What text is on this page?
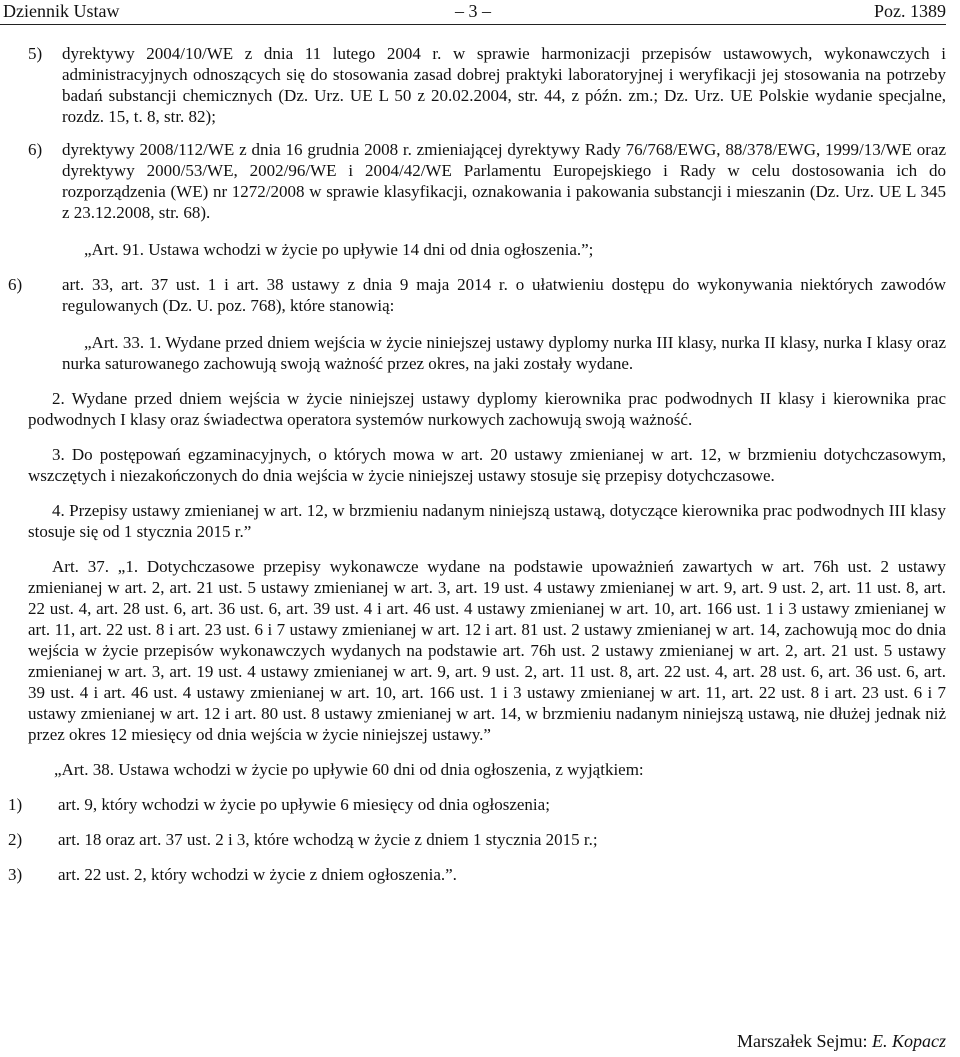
Dziennik Ustaw	– 3 –	Poz. 1389
5) dyrektywy 2004/10/WE z dnia 11 lutego 2004 r. w sprawie harmonizacji przepisów ustawowych, wykonawczych i administracyjnych odnoszących się do stosowania zasad dobrej praktyki laboratoryjnej i weryfikacji jej stosowania na potrzeby badań substancji chemicznych (Dz. Urz. UE L 50 z 20.02.2004, str. 44, z późn. zm.; Dz. Urz. UE Polskie wydanie specjalne, rozdz. 15, t. 8, str. 82);
6) dyrektywy 2008/112/WE z dnia 16 grudnia 2008 r. zmieniającej dyrektywy Rady 76/768/EWG, 88/378/EWG, 1999/13/WE oraz dyrektywy 2000/53/WE, 2002/96/WE i 2004/42/WE Parlamentu Europejskiego i Rady w celu dostosowania ich do rozporządzenia (WE) nr 1272/2008 w sprawie klasyfikacji, oznakowania i pakowania substancji i mieszanin (Dz. Urz. UE L 345 z 23.12.2008, str. 68).
„Art. 91. Ustawa wchodzi w życie po upływie 14 dni od dnia ogłoszenia.”;
6) art. 33, art. 37 ust. 1 i art. 38 ustawy z dnia 9 maja 2014 r. o ułatwieniu dostępu do wykonywania niektórych zawodów regulowanych (Dz. U. poz. 768), które stanowią:
„Art. 33. 1. Wydane przed dniem wejścia w życie niniejszej ustawy dyplomy nurka III klasy, nurka II klasy, nurka I klasy oraz nurka saturowanego zachowują swoją ważność przez okres, na jaki zostały wydane.
2. Wydane przed dniem wejścia w życie niniejszej ustawy dyplomy kierownika prac podwodnych II klasy i kierownika prac podwodnych I klasy oraz świadectwa operatora systemów nurkowych zachowują swoją ważność.
3. Do postępowań egzaminacyjnych, o których mowa w art. 20 ustawy zmienianej w art. 12, w brzmieniu dotychczasowym, wszczętych i niezakończonych do dnia wejścia w życie niniejszej ustawy stosuje się przepisy dotychczasowe.
4. Przepisy ustawy zmienianej w art. 12, w brzmieniu nadanym niniejszą ustawą, dotyczące kierownika prac podwodnych III klasy stosuje się od 1 stycznia 2015 r.”
Art. 37. „1. Dotychczasowe przepisy wykonawcze wydane na podstawie upoważnień zawartych w art. 76h ust. 2 ustawy zmienianej w art. 2, art. 21 ust. 5 ustawy zmienianej w art. 3, art. 19 ust. 4 ustawy zmienianej w art. 9, art. 9 ust. 2, art. 11 ust. 8, art. 22 ust. 4, art. 28 ust. 6, art. 36 ust. 6, art. 39 ust. 4 i art. 46 ust. 4 ustawy zmienianej w art. 10, art. 166 ust. 1 i 3 ustawy zmienianej w art. 11, art. 22 ust. 8 i art. 23 ust. 6 i 7 ustawy zmienianej w art. 12 i art. 81 ust. 2 ustawy zmienianej w art. 14, zachowują moc do dnia wejścia w życie przepisów wykonawczych wydanych na podstawie art. 76h ust. 2 ustawy zmienianej w art. 2, art. 21 ust. 5 ustawy zmienianej w art. 3, art. 19 ust. 4 ustawy zmienianej w art. 9, art. 9 ust. 2, art. 11 ust. 8, art. 22 ust. 4, art. 28 ust. 6, art. 36 ust. 6, art. 39 ust. 4 i art. 46 ust. 4 ustawy zmienianej w art. 10, art. 166 ust. 1 i 3 ustawy zmienianej w art. 11, art. 22 ust. 8 i art. 23 ust. 6 i 7 ustawy zmienianej w art. 12 i art. 80 ust. 8 ustawy zmienianej w art. 14, w brzmieniu nadanym niniejszą ustawą, nie dłużej jednak niż przez okres 12 miesięcy od dnia wejścia w życie niniejszej ustawy.”
„Art. 38. Ustawa wchodzi w życie po upływie 60 dni od dnia ogłoszenia, z wyjątkiem:
1) art. 9, który wchodzi w życie po upływie 6 miesięcy od dnia ogłoszenia;
2) art. 18 oraz art. 37 ust. 2 i 3, które wchodzą w życie z dniem 1 stycznia 2015 r.;
3) art. 22 ust. 2, który wchodzi w życie z dniem ogłoszenia.”.
Marszałek Sejmu: E. Kopacz
